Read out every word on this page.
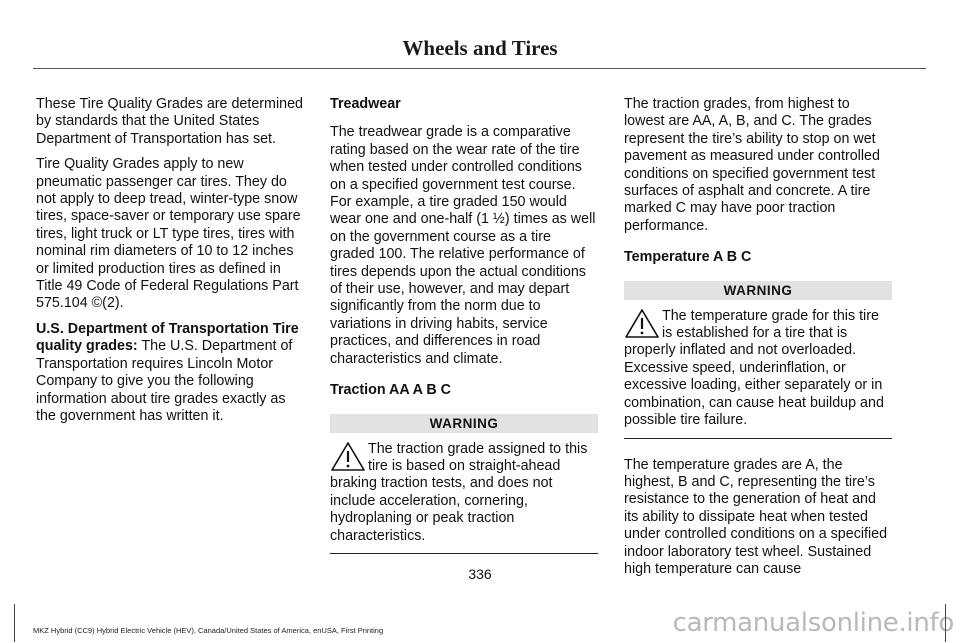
Wheels and Tires

These Tire Quality Grades are determined by standards that the United States Department of Transportation has set.

Tire Quality Grades apply to new pneumatic passenger car tires. They do not apply to deep tread, winter-type snow tires, space-saver or temporary use spare tires, light truck or LT type tires, tires with nominal rim diameters of 10 to 12 inches or limited production tires as defined in Title 49 Code of Federal Regulations Part 575.104 ©(2).

U.S. Department of Transportation Tire quality grades: The U.S. Department of Transportation requires Lincoln Motor Company to give you the following information about tire grades exactly as the government has written it.

Treadwear

The treadwear grade is a comparative rating based on the wear rate of the tire when tested under controlled conditions on a specified government test course. For example, a tire graded 150 would wear one and one-half (1 ½) times as well on the government course as a tire graded 100. The relative performance of tires depends upon the actual conditions of their use, however, and may depart significantly from the norm due to variations in driving habits, service practices, and differences in road characteristics and climate.

Traction AA A B C

WARNING

The traction grade assigned to this tire is based on straight-ahead braking traction tests, and does not include acceleration, cornering, hydroplaning or peak traction characteristics.

The traction grades, from highest to lowest are AA, A, B, and C. The grades represent the tire’s ability to stop on wet pavement as measured under controlled conditions on specified government test surfaces of asphalt and concrete. A tire marked C may have poor traction performance.

Temperature A B C

WARNING

The temperature grade for this tire is established for a tire that is properly inflated and not overloaded. Excessive speed, underinflation, or excessive loading, either separately or in combination, can cause heat buildup and possible tire failure.

The temperature grades are A, the highest, B and C, representing the tire’s resistance to the generation of heat and its ability to dissipate heat when tested under controlled conditions on a specified indoor laboratory test wheel. Sustained high temperature can cause

336
MKZ Hybrid (CC9) Hybrid Electric Vehicle (HEV), Canada/United States of America, enUSA, First Printing	carmanualsonline.info
